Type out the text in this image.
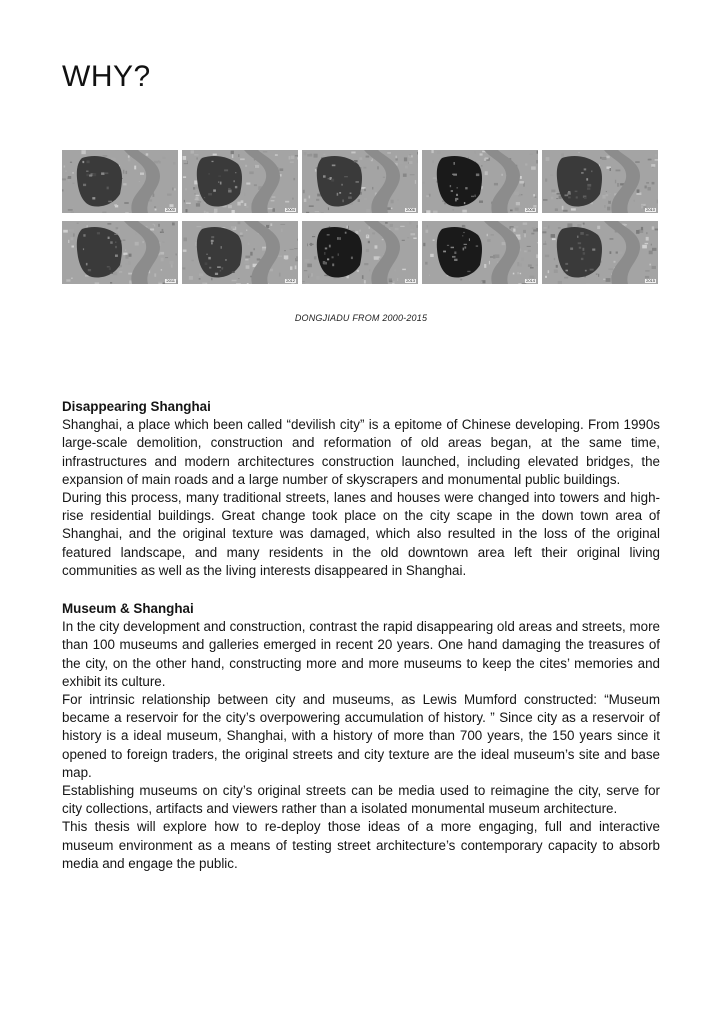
WHY?
2000	2004	2006	2008	2010
2011	2012	2013	2014	2015
DONGJIADU FROM 2000-2015
Disappearing Shanghai

Shanghai, a place which been called “devilish city” is a epitome of Chinese developing. From 1990s large-scale demolition, construction and reformation of old areas began, at the same time, infrastructures and modern architectures construction launched, including elevated bridges, the expansion of main roads and a large number of skyscrapers and monumental public buildings.

During this process, many traditional streets, lanes and houses were changed into towers and high-rise residential buildings. Great change took place on the city scape in the down town area of Shanghai, and the original texture was damaged, which also resulted in the loss of the original featured landscape, and many residents in the old downtown area left their original living communities as well as the living interests disappeared in Shanghai.

Museum & Shanghai

In the city development and construction, contrast the rapid disappearing old areas and streets, more than 100 museums and galleries emerged in recent 20 years. One hand damaging the treasures of the city, on the other hand, constructing more and more museums to keep the cites’ memories and exhibit its culture.

For intrinsic relationship between city and museums, as Lewis Mumford constructed: “Museum became a reservoir for the city’s overpowering accumulation of history. ” Since city as a reservoir of history is a ideal museum, Shanghai, with a history of more than 700 years, the 150 years since it opened to foreign traders, the original streets and city texture are the ideal museum’s site and base map.

Establishing museums on city’s original streets can be media used to reimagine the city, serve for city collections, artifacts and viewers rather than a isolated monumental museum architecture.

This thesis will explore how to re-deploy those ideas of a more engaging, full and interactive museum environment as a means of testing street architecture’s contemporary capacity to absorb media and engage the public.
